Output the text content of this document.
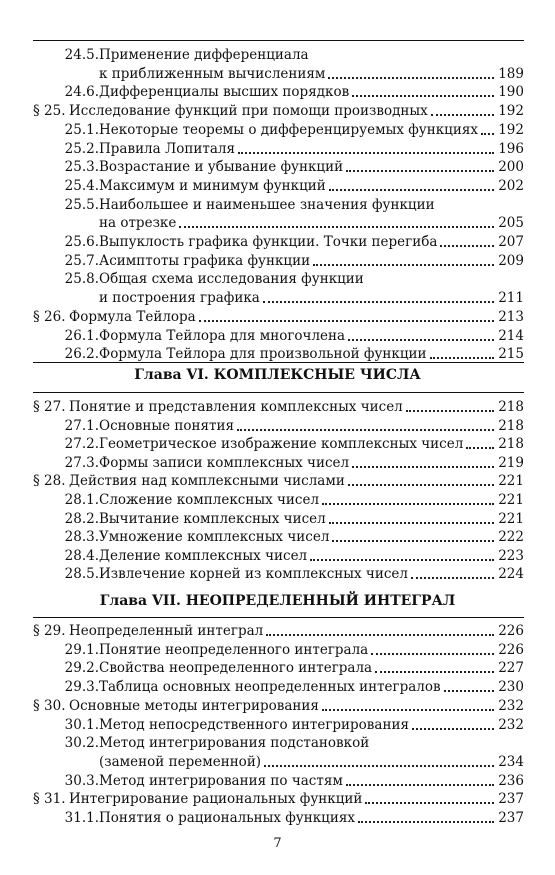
24.5. Применение дифференциала
к приближенным вычислениям	189
24.6. Дифференциалы высших порядков	190
§ 25. Исследование функций при помощи производных	192
25.1. Некоторые теоремы о дифференцируемых функциях 192
25.2. Правила Лопиталя	196
25.3. Возрастание и убывание функций	200
25.4. Максимум и минимум функций	202
25.5. Наибольшее и наименьшее значения функции
на отрезке	205
25.6. Выпуклость графика функции. Точки перегиба	207
25.7. Асимптоты графика функции	209
25.8. Общая схема исследования функции
и построения графика	211
§ 26. Формула Тейлора	213
26.1. Формула Тейлора для многочлена	214
26.2. Формула Тейлора для произвольной функции	215
Глава VI. КОМПЛЕКСНЫЕ ЧИСЛА
§ 27. Понятие и представления комплексных чисел	218
27.1. Основные понятия	218
27.2. Геометрическое изображение комплексных чисел	218
27.3. Формы записи комплексных чисел	219
§ 28. Действия над комплексными числами	221
28.1. Сложение комплексных чисел	221
28.2. Вычитание комплексных чисел	221
28.3. Умножение комплексных чисел	222
28.4. Деление комплексных чисел	223
28.5. Извлечение корней из комплексных чисел	224
Глава VII. НЕОПРЕДЕЛЕННЫЙ ИНТЕГРАЛ
§ 29. Неопределенный интеграл	226
29.1. Понятие неопределенного интеграла	226
29.2. Свойства неопределенного интеграла	227
29.3. Таблица основных неопределенных интегралов	230
§ 30. Основные методы интегрирования	232
30.1. Метод непосредственного интегрирования	232
30.2. Метод интегрирования подстановкой
(заменой переменной)	234
30.3. Метод интегрирования по частям	236
§ 31. Интегрирование рациональных функций	237
31.1. Понятия о рациональных функциях	237
7
